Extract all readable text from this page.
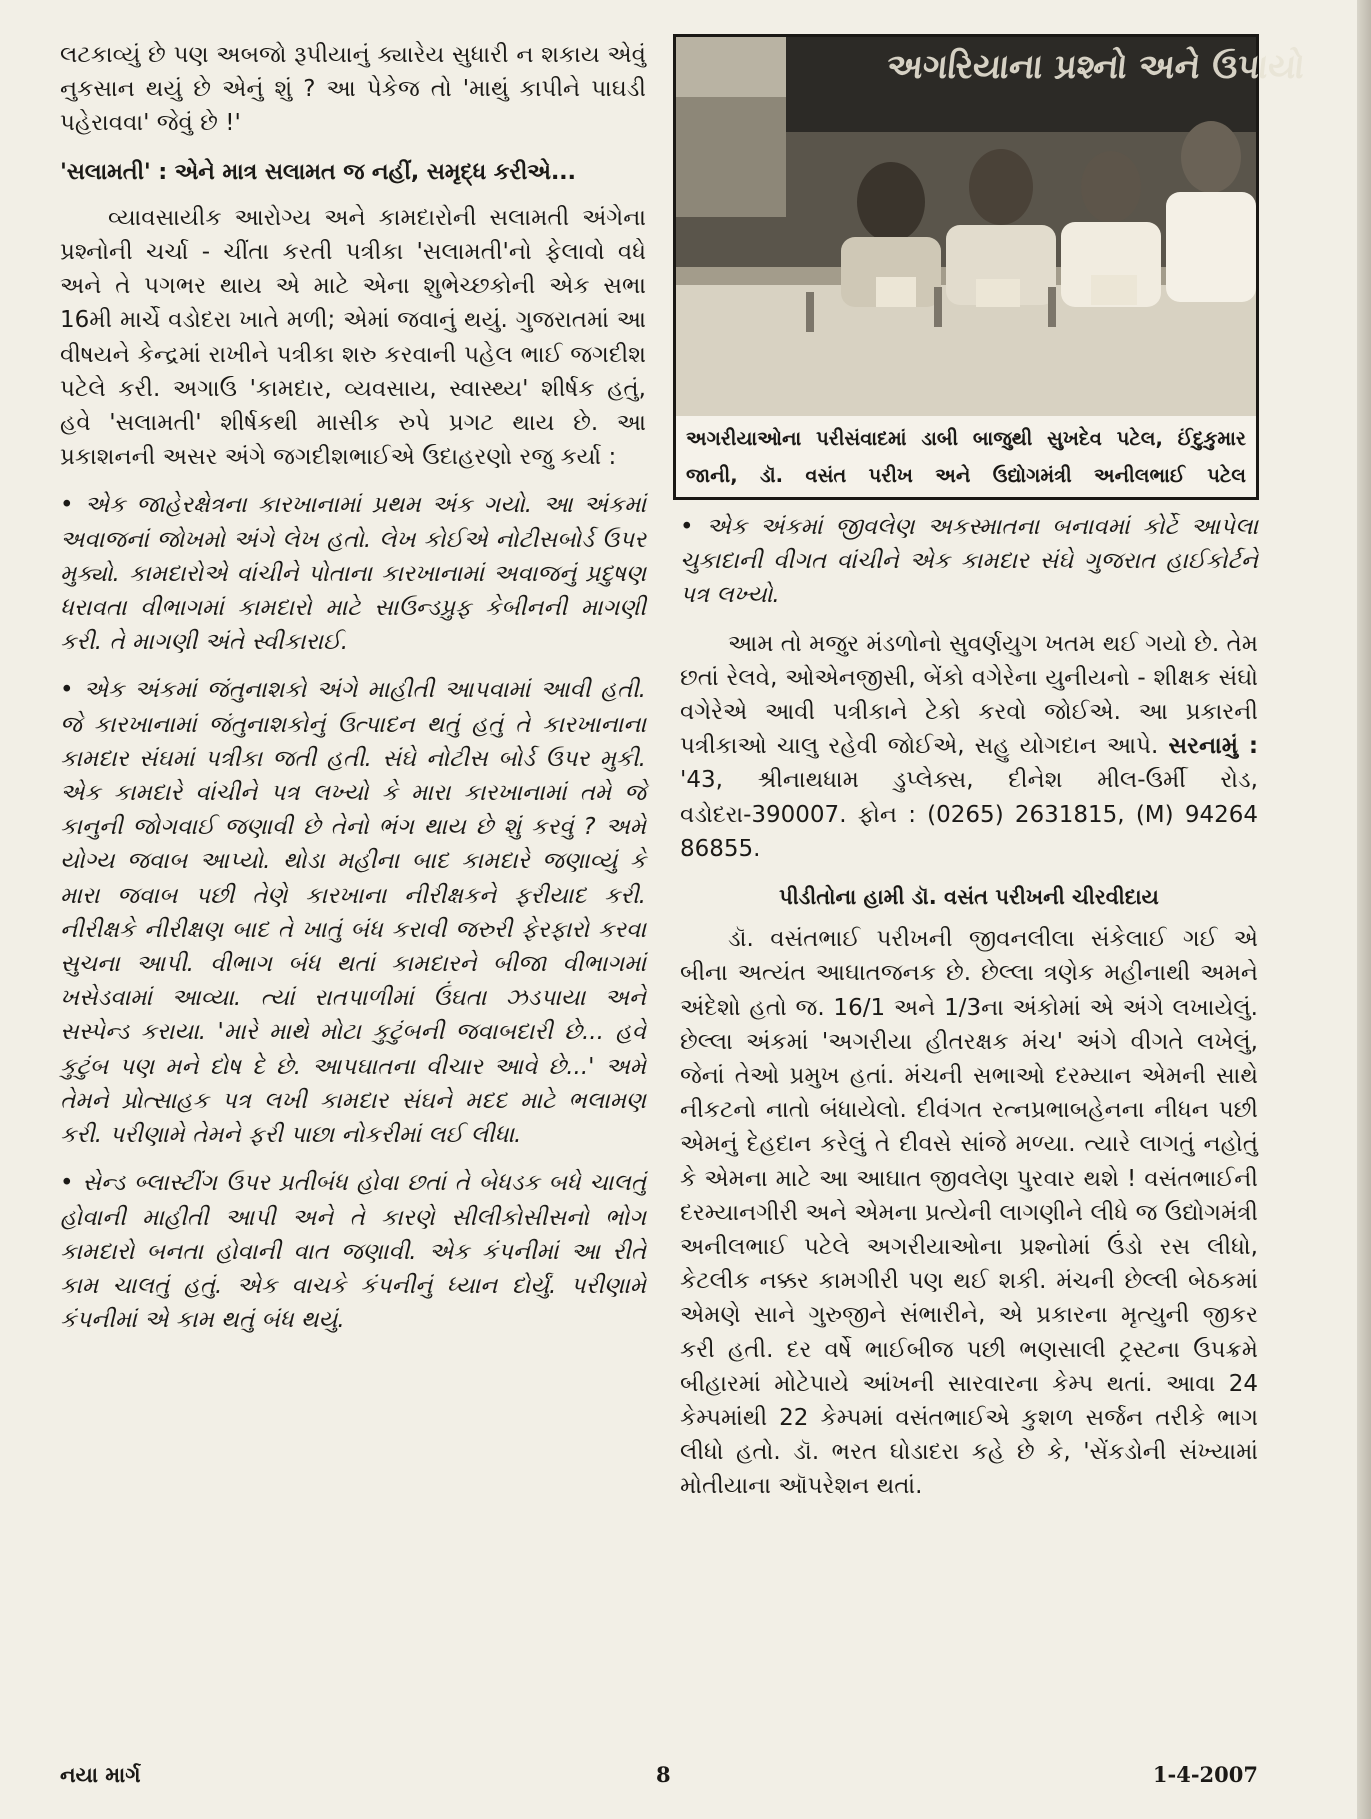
લટકાવ્યું છે પણ અબજો રૂપીયાનું ક્યારેય સુધારી ન શકાય એવું નુકસાન થયું છે એનું શું ? આ પેકેજ તો 'માથું કાપીને પાઘડી પહેરાવવા' જેવું છે !'

'સલામતી' : એને માત્ર સલામત જ નહીં, સમૃદ્ધ કરીએ...

વ્યાવસાયીક આરોગ્ય અને કામદારોની સલામતી અંગેના પ્રશ્નોની ચર્ચા - ચીંતા કરતી પત્રીકા 'સલામતી'નો ફેલાવો વધે અને તે પગભર થાય એ માટે એના શુભેચ્છકોની એક સભા 16મી માર્ચે વડોદરા ખાતે મળી; એમાં જવાનું થયું. ગુજરાતમાં આ વીષયને કેન્દ્રમાં રાખીને પત્રીકા શરુ કરવાની પહેલ ભાઈ જગદીશ પટેલે કરી. અગાઉ 'કામદાર, વ્યવસાય, સ્વાસ્થ્ય' શીર્ષક હતું, હવે 'સલામતી' શીર્ષકથી માસીક રુપે પ્રગટ થાય છે. આ પ્રકાશનની અસર અંગે જગદીશભાઈએ ઉદાહરણો રજુ કર્યા :

• એક જાહેરક્ષેત્રના કારખાનામાં પ્રથમ અંક ગયો. આ અંકમાં અવાજનાં જોખમો અંગે લેખ હતો. લેખ કોઈએ નોટીસબોર્ડ ઉપર મુક્યો. કામદારોએ વાંચીને પોતાના કારખાનામાં અવાજનું પ્રદુષણ ધરાવતા વીભાગમાં કામદારો માટે સાઉન્ડપ્રુફ કેબીનની માગણી કરી. તે માગણી અંતે સ્વીકારાઈ.

• એક અંકમાં જંતુનાશકો અંગે માહીતી આપવામાં આવી હતી. જે કારખાનામાં જંતુનાશકોનું ઉત્પાદન થતું હતું તે કારખાનાના કામદાર સંઘમાં પત્રીકા જતી હતી. સંઘે નોટીસ બોર્ડ ઉપર મુકી. એક કામદારે વાંચીને પત્ર લખ્યો કે મારા કારખાનામાં તમે જે કાનુની જોગવાઈ જણાવી છે તેનો ભંગ થાય છે શું કરવું ? અમે યોગ્ય જવાબ આપ્યો. થોડા મહીના બાદ કામદારે જણાવ્યું કે મારા જવાબ પછી તેણે કારખાના નીરીક્ષકને ફરીયાદ કરી. નીરીક્ષકે નીરીક્ષણ બાદ તે ખાતું બંધ કરાવી જરુરી ફેરફારો કરવા સુચના આપી. વીભાગ બંધ થતાં કામદારને બીજા વીભાગમાં ખસેડવામાં આવ્યા. ત્યાં રાતપાળીમાં ઉંઘતા ઝડપાયા અને સસ્પેન્ડ કરાયા. 'મારે માથે મોટા કુટુંબની જવાબદારી છે... હવે કુટુંબ પણ મને દોષ દે છે. આપઘાતના વીચાર આવે છે...' અમે તેમને પ્રોત્સાહક પત્ર લખી કામદાર સંઘને મદદ માટે ભલામણ કરી. પરીણામે તેમને ફરી પાછા નોકરીમાં લઈ લીધા.

• સેન્ડ બ્લાસ્ટીંગ ઉપર પ્રતીબંધ હોવા છતાં તે બેધડક બધે ચાલતું હોવાની માહીતી આપી અને તે કારણે સીલીકોસીસનો ભોગ કામદારો બનતા હોવાની વાત જણાવી. એક કંપનીમાં આ રીતે કામ ચાલતું હતું. એક વાચકે કંપનીનું ધ્યાન દોર્યું. પરીણામે કંપનીમાં એ કામ થતું બંધ થયું.

અગરિયાના પ્રશ્નો અને ઉપાયો
અગરીયાઓના પરીસંવાદમાં ડાબી બાજુથી સુખદેવ પટેલ, ઈંદુકુમાર જાની, ડૉ. વસંત પરીખ અને ઉદ્યોગમંત્રી અનીલભાઈ પટેલ

• એક અંકમાં જીવલેણ અકસ્માતના બનાવમાં કોર્ટે આપેલા ચુકાદાની વીગત વાંચીને એક કામદાર સંઘે ગુજરાત હાઈકોર્ટને પત્ર લખ્યો.

આમ તો મજુર મંડળોનો સુવર્ણયુગ ખતમ થઈ ગયો છે. તેમ છતાં રેલવે, ઓએનજીસી, બેંકો વગેરેના યુનીયનો - શીક્ષક સંઘો વગેરેએ આવી પત્રીકાને ટેકો કરવો જોઈએ. આ પ્રકારની પત્રીકાઓ ચાલુ રહેવી જોઈએ, સહુ યોગદાન આપે. સરનામું : '43, શ્રીનાથધામ ડુપ્લેક્સ, દીનેશ મીલ-ઉર્મી રોડ, વડોદરા-390007. ફોન : (0265) 2631815, (M) 94264 86855.

પીડીતોના હામી ડૉ. વસંત પરીખની ચીરવીદાય

ડૉ. વસંતભાઈ પરીખની જીવનલીલા સંકેલાઈ ગઈ એ બીના અત્યંત આઘાતજનક છે. છેલ્લા ત્રણેક મહીનાથી અમને અંદેશો હતો જ. 16/1 અને 1/3ના અંકોમાં એ અંગે લખાયેલું. છેલ્લા અંકમાં 'અગરીયા હીતરક્ષક મંચ' અંગે વીગતે લખેલું, જેનાં તેઓ પ્રમુખ હતાં. મંચની સભાઓ દરમ્યાન એમની સાથે નીકટનો નાતો બંધાયેલો. દીવંગત રત્નપ્રભાબહેનના નીધન પછી એમનું દેહદાન કરેલું તે દીવસે સાંજે મળ્યા. ત્યારે લાગતું નહોતું કે એમના માટે આ આઘાત જીવલેણ પુરવાર થશે ! વસંતભાઈની દરમ્યાનગીરી અને એમના પ્રત્યેની લાગણીને લીધે જ ઉદ્યોગમંત્રી અનીલભાઈ પટેલે અગરીયાઓના પ્રશ્નોમાં ઉંડો રસ લીધો, કેટલીક નક્કર કામગીરી પણ થઈ શકી. મંચની છેલ્લી બેઠકમાં એમણે સાને ગુરુજીને સંભારીને, એ પ્રકારના મૃત્યુની જીકર કરી હતી. દર વર્ષે ભાઈબીજ પછી ભણસાલી ટ્રસ્ટના ઉપક્રમે બીહારમાં મોટેપાયે આંખની સારવારના કેમ્પ થતાં. આવા 24 કેમ્પમાંથી 22 કેમ્પમાં વસંતભાઈએ કુશળ સર્જન તરીકે ભાગ લીધો હતો. ડૉ. ભરત ઘોડાદરા કહે છે કે, 'સેંકડોની સંખ્યામાં મોતીયાના ઑપરેશન થતાં.

નયા માર્ગ	8	1-4-2007
